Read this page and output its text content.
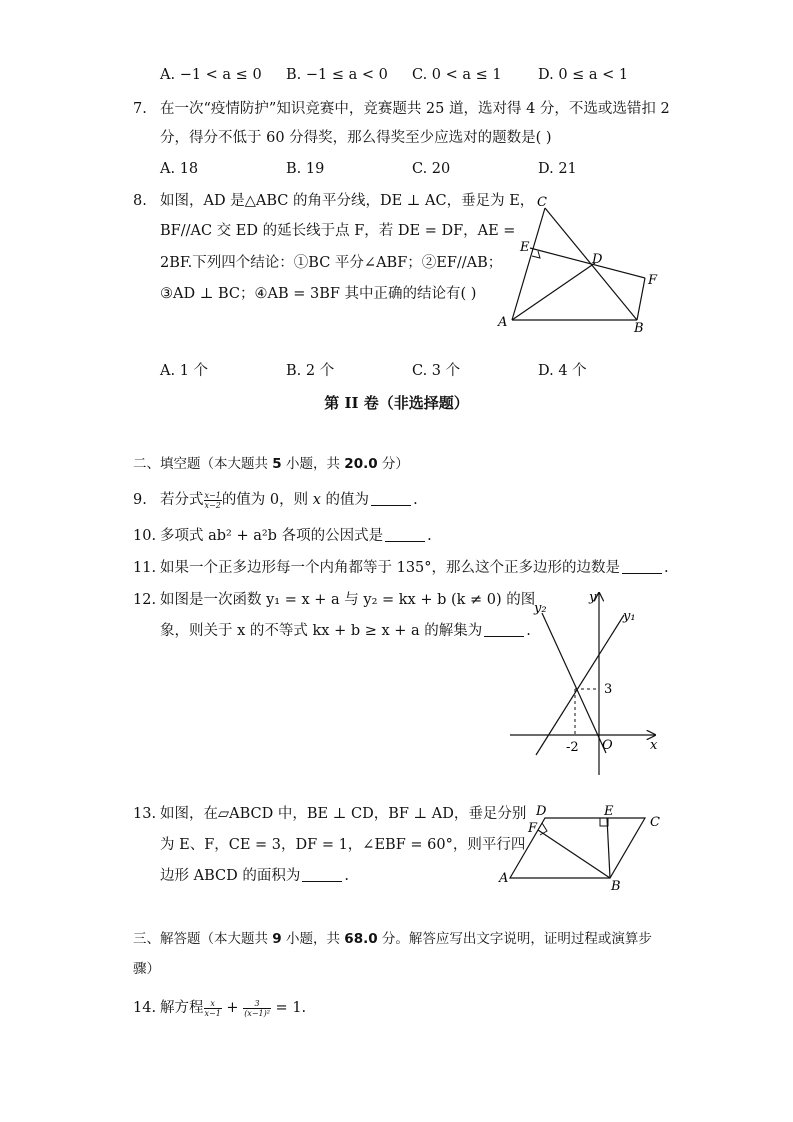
A. −1 < a ≤ 0 B. −1 ≤ a < 0 C. 0 < a ≤ 1	D. 0 ≤ a < 1
7. 在一次“疫情防护”知识竞赛中，竞赛题共 25 道，选对得 4 分，不选或选错扣 2
分，得分不低于 60 分得奖，那么得奖至少应选对的题数是( )
A. 18	B. 19	C. 20	D. 21
8. 如图，AD 是△ABC 的角平分线，DE ⊥ AC，垂足为 E，
BF//AC 交 ED 的延长线于点 F，若 DE = DF，AE =
2BF.下列四个结论：①BC 平分∠ABF；②EF//AB；
③AD ⊥ BC；④AB = 3BF 其中正确的结论有( )
C
E
D
F
A	B
A. 1 个	B. 2 个	C. 3 个	D. 4 个
第 II 卷（非选择题）
二、填空题（本大题共 5 小题，共 20.0 分）
9. 若分式 $\frac{x-1}{x-2}$ 的值为 0，则 x 的值为	.
10. 多项式 ab² + a²b 各项的公因式是	.
11. 如果一个正多边形每一个内角都等于 135°，那么这个正多边形的边数是	.
12. 如图是一次函数 y₁ = x + a 与 y₂ = kx + b (k ≠ 0) 的图
象，则关于 x 的不等式 kx + b ≥ x + a 的解集为	.
y₂
y
y₁
3
-2 O	x
13. 如图，在▱ABCD 中，BE ⊥ CD，BF ⊥ AD，垂足分别
为 E、F，CE = 3，DF = 1，∠EBF = 60°，则平行四
边形 ABCD 的面积为	.
D	E
F	C
A
B
三、解答题（本大题共 9 小题，共 68.0 分。解答应写出文字说明，证明过程或演算步
骤）
14. 解方程 $\frac{x}{x-1} + \frac{3}{\text{(x−1)²}} = 1$.
